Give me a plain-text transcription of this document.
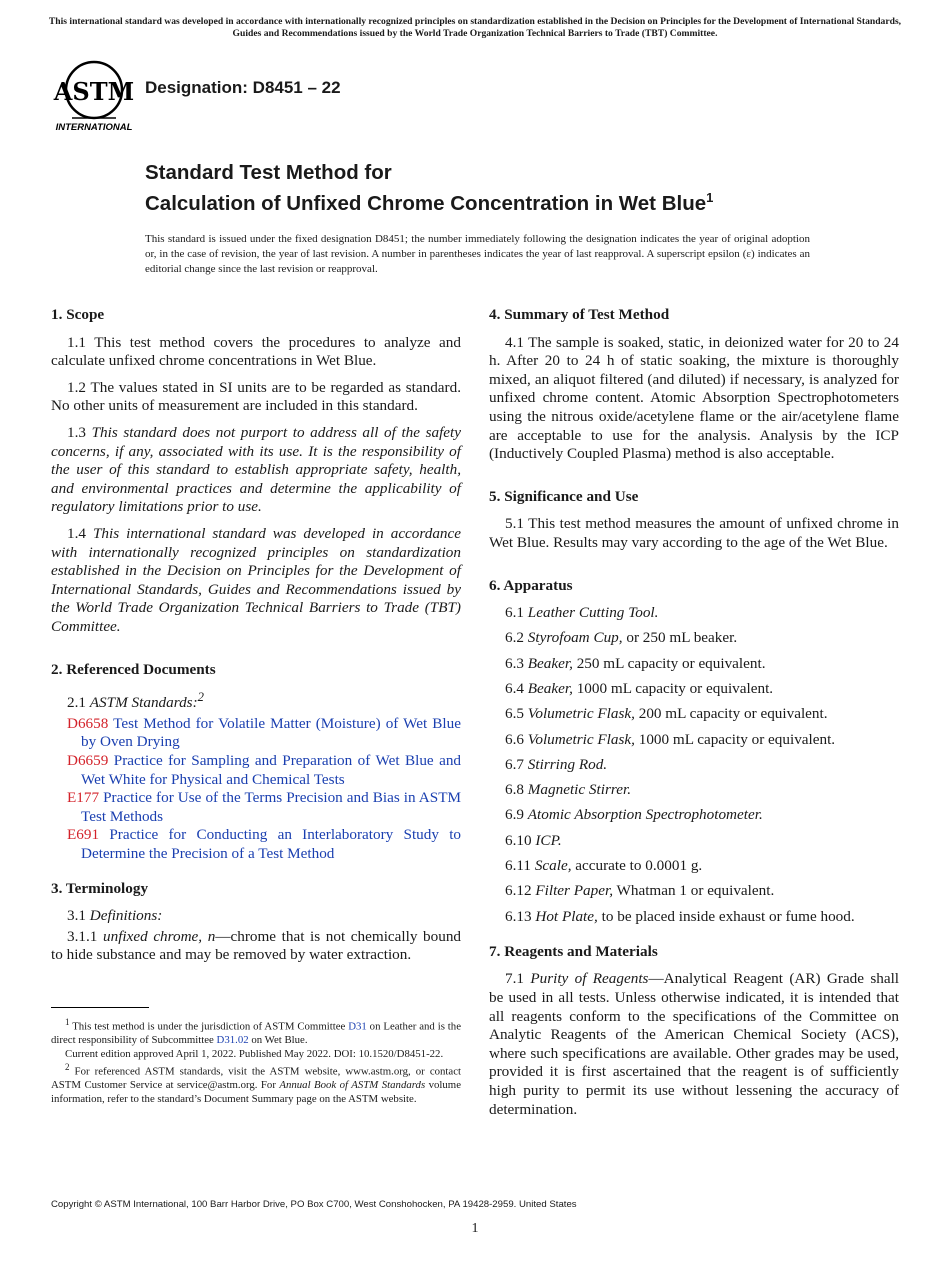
This international standard was developed in accordance with internationally recognized principles on standardization established in the Decision on Principles for the Development of International Standards, Guides and Recommendations issued by the World Trade Organization Technical Barriers to Trade (TBT) Committee.
ASTM
INTERNATIONAL
Designation: D8451 – 22
Standard Test Method for
Calculation of Unfixed Chrome Concentration in Wet Blue$^1$
This standard is issued under the fixed designation D8451; the number immediately following the designation indicates the year of original adoption or, in the case of revision, the year of last revision. A number in parentheses indicates the year of last reapproval. A superscript epsilon (ε) indicates an editorial change since the last revision or reapproval.
1. Scope

1.1 This test method covers the procedures to analyze and calculate unfixed chrome concentrations in Wet Blue.

1.2 The values stated in SI units are to be regarded as standard. No other units of measurement are included in this standard.

1.3 This standard does not purport to address all of the safety concerns, if any, associated with its use. It is the responsibility of the user of this standard to establish appropriate safety, health, and environmental practices and determine the applicability of regulatory limitations prior to use.

1.4 This international standard was developed in accordance with internationally recognized principles on standardization established in the Decision on Principles for the Development of International Standards, Guides and Recommendations issued by the World Trade Organization Technical Barriers to Trade (TBT) Committee.

2. Referenced Documents

2.1 ASTM Standards:$^2$

D6658 Test Method for Volatile Matter (Moisture) of Wet Blue by Oven Drying
D6659 Practice for Sampling and Preparation of Wet Blue and Wet White for Physical and Chemical Tests
E177 Practice for Use of the Terms Precision and Bias in ASTM Test Methods
E691 Practice for Conducting an Interlaboratory Study to Determine the Precision of a Test Method
3. Terminology

3.1 Definitions:

3.1.1 unfixed chrome, n—chrome that is not chemically bound to hide substance and may be removed by water extraction.

$^1$ This test method is under the jurisdiction of ASTM Committee D31 on Leather and is the direct responsibility of Subcommittee D31.02 on Wet Blue.

Current edition approved April 1, 2022. Published May 2022. DOI: 10.1520/D8451-22.

$^2$ For referenced ASTM standards, visit the ASTM website, www.astm.org, or contact ASTM Customer Service at service@astm.org. For Annual Book of ASTM Standards volume information, refer to the standard’s Document Summary page on the ASTM website.

4. Summary of Test Method

4.1 The sample is soaked, static, in deionized water for 20 to 24 h. After 20 to 24 h of static soaking, the mixture is thoroughly mixed, an aliquot filtered (and diluted) if necessary, is analyzed for unfixed chrome content. Atomic Absorption Spectrophotometers using the nitrous oxide/acetylene flame or the air/acetylene flame are acceptable to use for the analysis. Analysis by the ICP (Inductively Coupled Plasma) method is also acceptable.

5. Significance and Use

5.1 This test method measures the amount of unfixed chrome in Wet Blue. Results may vary according to the age of the Wet Blue.

6. Apparatus
6.1 Leather Cutting Tool.
6.2 Styrofoam Cup, or 250 mL beaker.
6.3 Beaker, 250 mL capacity or equivalent.
6.4 Beaker, 1000 mL capacity or equivalent.
6.5 Volumetric Flask, 200 mL capacity or equivalent.
6.6 Volumetric Flask, 1000 mL capacity or equivalent.
6.7 Stirring Rod.
6.8 Magnetic Stirrer.
6.9 Atomic Absorption Spectrophotometer.
6.10 ICP.
6.11 Scale, accurate to 0.0001 g.
6.12 Filter Paper, Whatman 1 or equivalent.
6.13 Hot Plate, to be placed inside exhaust or fume hood.
7. Reagents and Materials

7.1 Purity of Reagents—Analytical Reagent (AR) Grade shall be used in all tests. Unless otherwise indicated, it is intended that all reagents conform to the specifications of the Committee on Analytic Reagents of the American Chemical Society (ACS), where such specifications are available. Other grades may be used, provided it is first ascertained that the reagent is of sufficiently high purity to permit its use without lessening the accuracy of determination.

Copyright © ASTM International, 100 Barr Harbor Drive, PO Box C700, West Conshohocken, PA 19428-2959. United States
1
